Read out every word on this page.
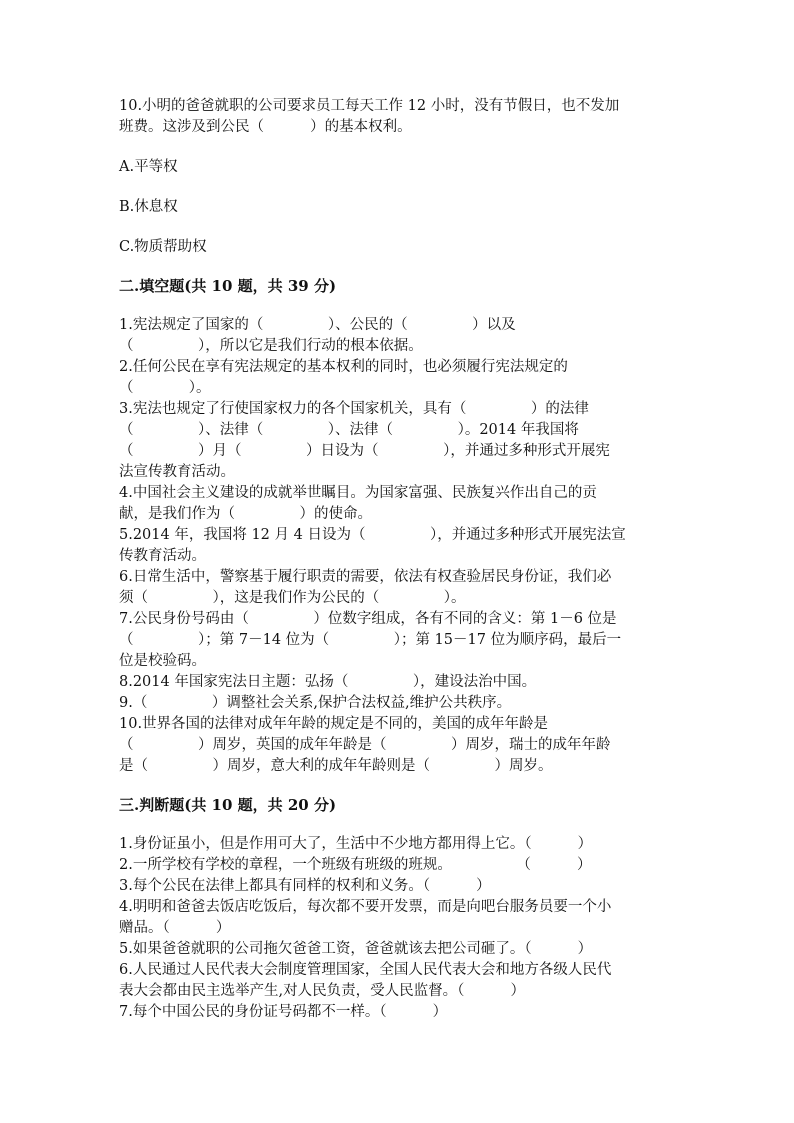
10.小明的爸爸就职的公司要求员工每天工作 12 小时，没有节假日，也不发加

班费。这涉及到公民（          ）的基本权利。

A.平等权

B.休息权

C.物质帮助权

二.填空题(共 10 题，共 39 分)

1.宪法规定了国家的（              ）、公民的（              ）以及

（              ），所以它是我们行动的根本依据。

2.任何公民在享有宪法规定的基本权利的同时，也必须履行宪法规定的

（            ）。

3.宪法也规定了行使国家权力的各个国家机关，具有（              ）的法律

（              ）、法律（              ）、法律（              ）。2014 年我国将

（              ）月（              ）日设为（              ），并通过多种形式开展宪

法宣传教育活动。

4.中国社会主义建设的成就举世瞩目。为国家富强、民族复兴作出自己的贡

献，是我们作为（              ）的使命。

5.2014 年，我国将 12 月 4 日设为（              ），并通过多种形式开展宪法宣

传教育活动。

6.日常生活中，警察基于履行职责的需要，依法有权查验居民身份证，我们必

须（              ），这是我们作为公民的（              ）。

7.公民身份号码由（              ）位数字组成，各有不同的含义：第 1－6 位是

（              ）；第 7－14 位为（              ）；第 15－17 位为顺序码，最后一

位是校验码。

8.2014 年国家宪法日主题：弘扬（              ），建设法治中国。

9.（              ）调整社会关系,保护合法权益,维护公共秩序。

10.世界各国的法律对成年年龄的规定是不同的，美国的成年年龄是

（              ）周岁，英国的成年年龄是（              ）周岁，瑞士的成年年龄

是（              ）周岁，意大利的成年年龄则是（              ）周岁。

三.判断题(共 10 题，共 20 分)

1.身份证虽小，但是作用可大了，生活中不少地方都用得上它。（          ）

2.一所学校有学校的章程，一个班级有班级的班规。              （          ）

3.每个公民在法律上都具有同样的权利和义务。（          ）

4.明明和爸爸去饭店吃饭后，每次都不要开发票，而是向吧台服务员要一个小

赠品。（          ）

5.如果爸爸就职的公司拖欠爸爸工资，爸爸就该去把公司砸了。（          ）

6.人民通过人民代表大会制度管理国家，全国人民代表大会和地方各级人民代

表大会都由民主选举产生,对人民负责，受人民监督。（          ）

7.每个中国公民的身份证号码都不一样。（          ）
